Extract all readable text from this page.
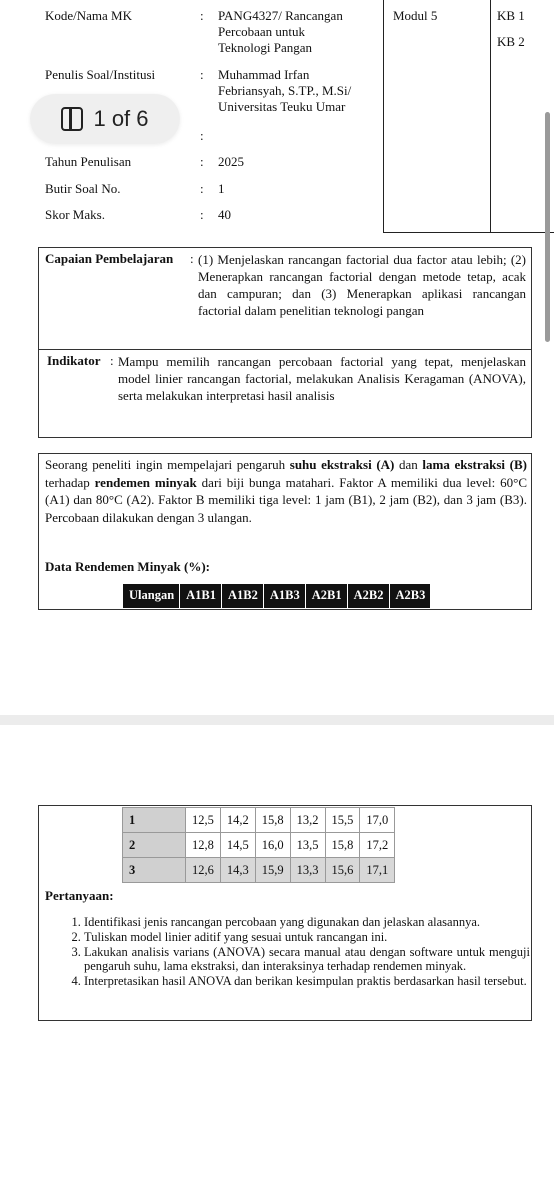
Kode/Nama MK	: PANG4327/ Rancangan Percobaan untuk Teknologi Pangan
Modul 5	KB 1
KB 2
Penulis Soal/Institusi	: Muhammad Irfan Febriansyah, S.TP., M.Si/ Universitas Teuku Umar
:
Tahun Penulisan	: 2025
Butir Soal No.	: 1
Skor Maks.	: 40
1 of 6
Capaian Pembelajaran : (1) Menjelaskan rancangan factorial dua factor atau lebih; (2) Menerapkan rancangan factorial dengan metode tetap, acak dan campuran; dan (3) Menerapkan aplikasi rancangan factorial dalam penelitian teknologi pangan
Indikator : Mampu memilih rancangan percobaan factorial yang tepat, menjelaskan model linier rancangan factorial, melakukan Analisis Keragaman (ANOVA), serta melakukan interpretasi hasil analisis
Seorang peneliti ingin mempelajari pengaruh suhu ekstraksi (A) dan lama ekstraksi (B) terhadap rendemen minyak dari biji bunga matahari. Faktor A memiliki dua level: 60°C (A1) dan 80°C (A2). Faktor B memiliki tiga level: 1 jam (B1), 2 jam (B2), dan 3 jam (B3). Percobaan dilakukan dengan 3 ulangan.
Data Rendemen Minyak (%):
Ulangan	A1B1	A1B2	A1B3	A2B1	A2B2	A2B3
1	12,5	14,2	15,8	13,2	15,5	17,0
2	12,8	14,5	16,0	13,5	15,8	17,2
3	12,6	14,3	15,9	13,3	15,6	17,1
Pertanyaan:
1. Identifikasi jenis rancangan percobaan yang digunakan dan jelaskan alasannya.
2. Tuliskan model linier aditif yang sesuai untuk rancangan ini.
3. Lakukan analisis varians (ANOVA) secara manual atau dengan software untuk menguji pengaruh suhu, lama ekstraksi, dan interaksinya terhadap rendemen minyak.
4. Interpretasikan hasil ANOVA dan berikan kesimpulan praktis berdasarkan hasil tersebut.
